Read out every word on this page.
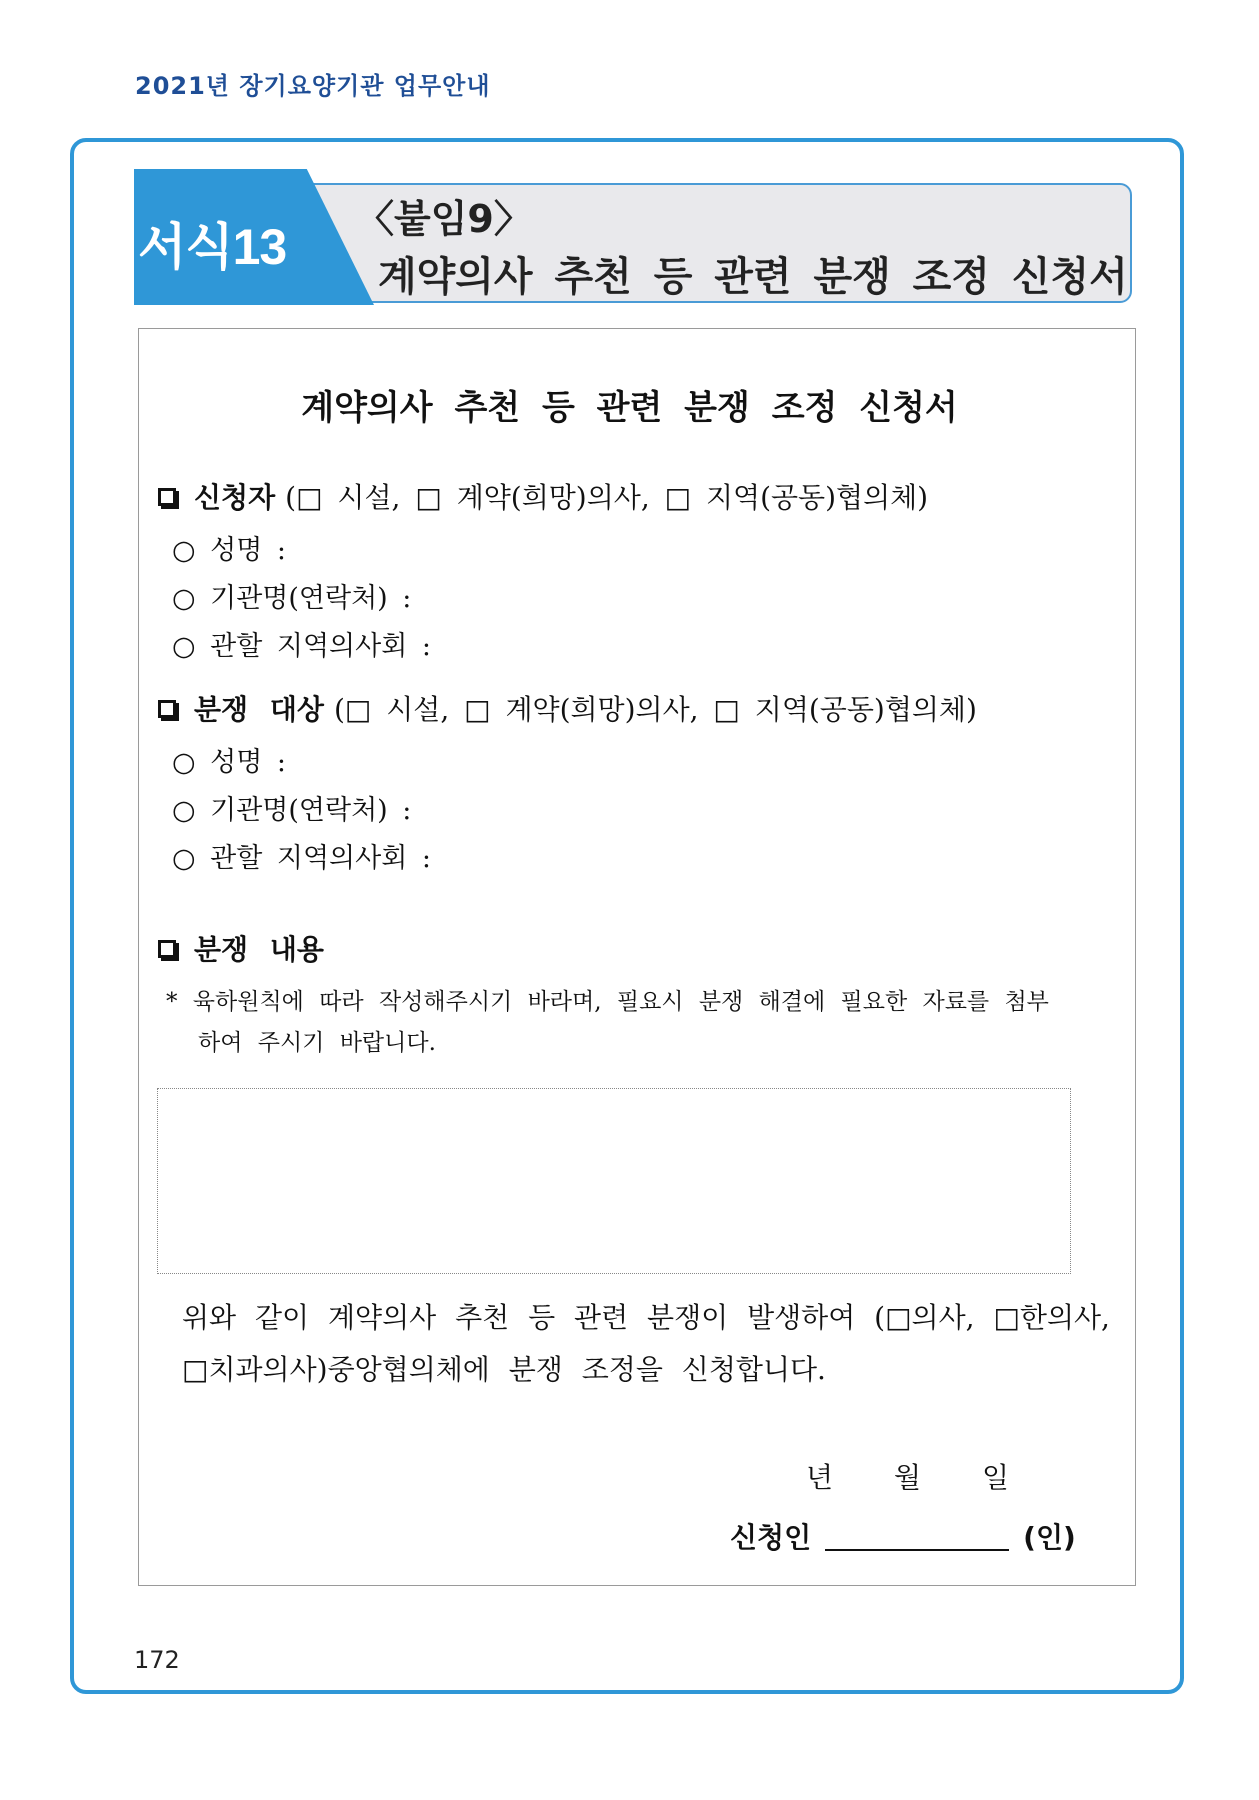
2021년 장기요양기관 업무안내
서식13 〈붙임9〉
계약의사 추천 등 관련 분쟁 조정 신청서
계약의사 추천 등 관련 분쟁 조정 신청서
신청자 (□ 시설, □ 계약(희망)의사, □ 지역(공동)협의체)
○ 성명 :
○ 기관명(연락처) :
○ 관할 지역의사회 :
분쟁 대상 (□ 시설, □ 계약(희망)의사, □ 지역(공동)협의체)
○ 성명 :
○ 기관명(연락처) :
○ 관할 지역의사회 :
분쟁 내용
* 육하원칙에 따라 작성해주시기 바라며, 필요시 분쟁 해결에 필요한 자료를 첨부
하여 주시기 바랍니다.
위와 같이 계약의사 추천 등 관련 분쟁이 발생하여 (□의사, □한의사,
□치과의사)중앙협의체에 분쟁 조정을 신청합니다.
년 월 일
신청인	(인)
172
